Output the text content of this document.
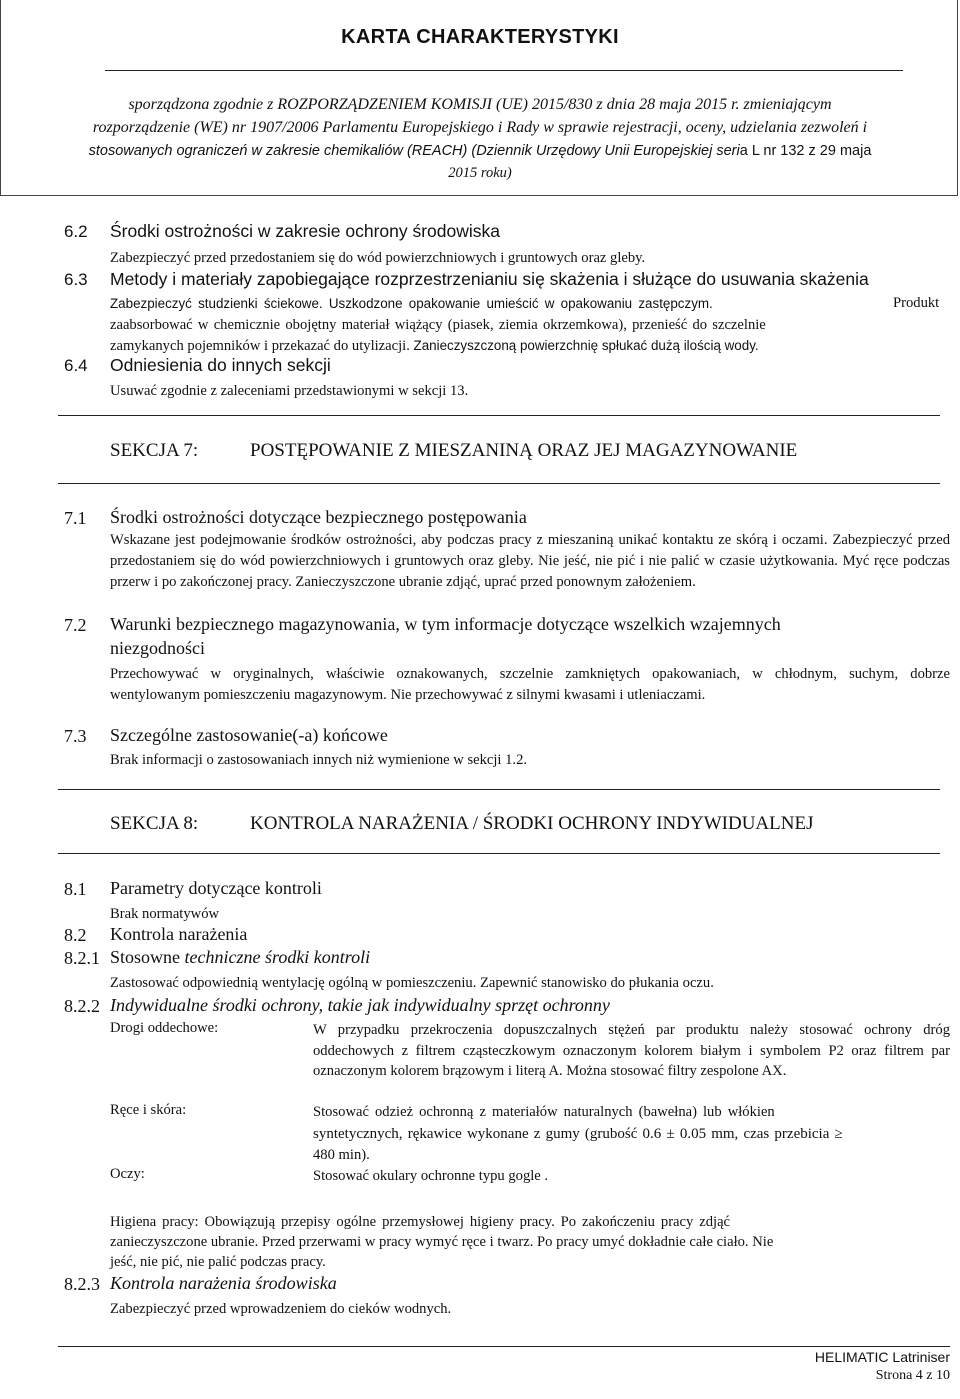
KARTA CHARAKTERYSTYKI
sporządzona zgodnie z ROZPORZĄDZENIEM KOMISJI (UE) 2015/830 z dnia 28 maja 2015 r. zmieniającym
rozporządzenie (WE) nr 1907/2006 Parlamentu Europejskiego i Rady w sprawie rejestracji, oceny, udzielania zezwoleń i
stosowanych ograniczeń w zakresie chemikaliów (REACH) (Dziennik Urzędowy Unii Europejskiej seria L nr 132 z 29 maja
2015 roku)
6.2 Środki ostrożności w zakresie ochrony środowiska
Zabezpieczyć przed przedostaniem się do wód powierzchniowych i gruntowych oraz gleby.
6.3 Metody i materiały zapobiegające rozprzestrzenianiu się skażenia i służące do usuwania skażenia
Zabezpieczyć studzienki ściekowe. Uszkodzone opakowanie umieścić w opakowaniu zastępczym.	Produkt
zaabsorbować w chemicznie obojętny materiał wiążący (piasek, ziemia okrzemkowa), przenieść do szczelnie
zamykanych pojemników i przekazać do utylizacji. Zanieczyszczoną powierzchnię spłukać dużą ilością wody.
6.4 Odniesienia do innych sekcji
Usuwać zgodnie z zaleceniami przedstawionymi w sekcji 13.
SEKCJA 7:	POSTĘPOWANIE Z MIESZANINĄ ORAZ JEJ MAGAZYNOWANIE
7.1 Środki ostrożności dotyczące bezpiecznego postępowania
Wskazane jest podejmowanie środków ostrożności, aby podczas pracy z mieszaniną unikać kontaktu ze skórą i oczami. Zabezpieczyć przed przedostaniem się do wód powierzchniowych i gruntowych oraz gleby. Nie jeść, nie pić i nie palić w czasie użytkowania. Myć ręce podczas przerw i po zakończonej pracy. Zanieczyszczone ubranie zdjąć, uprać przed ponownym założeniem.
7.2 Warunki bezpiecznego magazynowania, w tym informacje dotyczące wszelkich wzajemnych
niezgodności
Przechowywać w oryginalnych, właściwie oznakowanych, szczelnie zamkniętych opakowaniach, w chłodnym, suchym, dobrze wentylowanym pomieszczeniu magazynowym. Nie przechowywać z silnymi kwasami i utleniaczami.
7.3 Szczególne zastosowanie(-a) końcowe
Brak informacji o zastosowaniach innych niż wymienione w sekcji 1.2.
SEKCJA 8:	KONTROLA NARAŻENIA / ŚRODKI OCHRONY INDYWIDUALNEJ
8.1 Parametry dotyczące kontroli
Brak normatywów
8.2 Kontrola narażenia
8.2.1 Stosowne techniczne środki kontroli
Zastosować odpowiednią wentylację ogólną w pomieszczeniu. Zapewnić stanowisko do płukania oczu.
8.2.2 Indywidualne środki ochrony, takie jak indywidualny sprzęt ochronny
Drogi oddechowe:	W przypadku przekroczenia dopuszczalnych stężeń par produktu należy stosować ochrony dróg oddechowych z filtrem cząsteczkowym oznaczonym kolorem białym i symbolem P2 oraz filtrem par oznaczonym kolorem brązowym i literą A. Można stosować filtry zespolone AX.
Ręce i skóra:	Stosować odzież ochronną z materiałów naturalnych (bawełna) lub włókien
syntetycznych, rękawice wykonane z gumy (grubość 0.6 ± 0.05 mm, czas przebicia ≥
480 min).
Oczy:	Stosować okulary ochronne typu gogle .
Higiena pracy: Obowiązują przepisy ogólne przemysłowej higieny pracy. Po zakończeniu pracy zdjąć
zanieczyszczone ubranie. Przed przerwami w pracy wymyć ręce i twarz. Po pracy umyć dokładnie całe ciało. Nie
jeść, nie pić, nie palić podczas pracy.
8.2.3 Kontrola narażenia środowiska
Zabezpieczyć przed wprowadzeniem do cieków wodnych.
HELIMATIC Latriniser
Strona 4 z 10
